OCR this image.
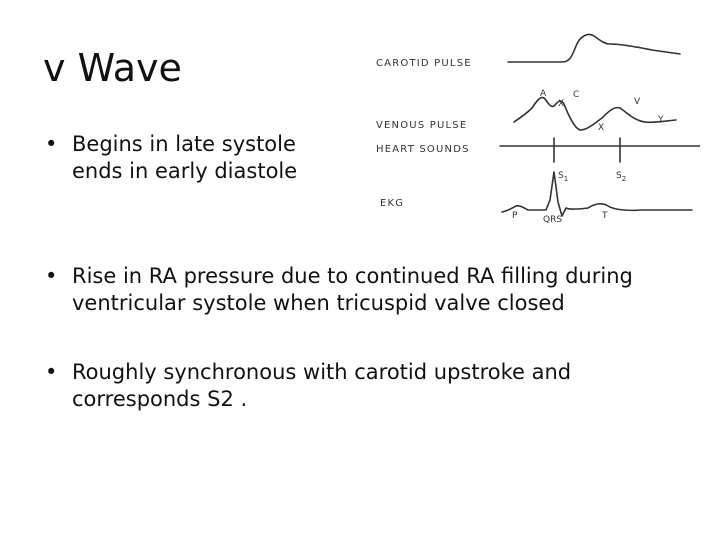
v Wave
• Begins in late systole
ends in early diastole
• Rise in RA pressure due to continued RA filling during
ventricular systole when tricuspid valve closed
• Roughly synchronous with carotid upstroke and
corresponds S2 .
CAROTID PULSE
VENOUS PULSE
HEART SOUNDS
EKG
A	C
X	V
X
Y
$S_1$	$S_2$
P	QRS	T
